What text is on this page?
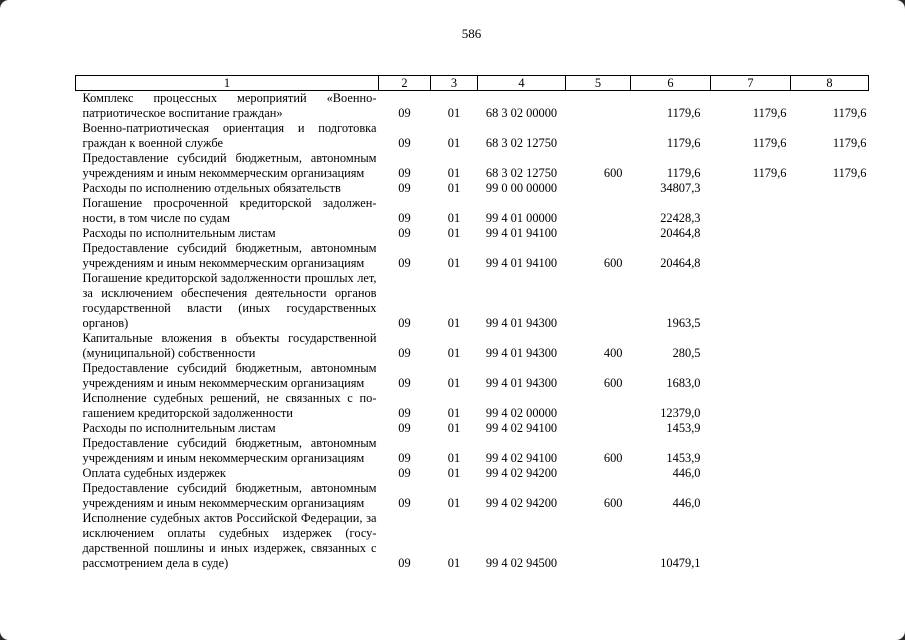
586
1	2	3	4	5	6	7	8
Комплекс процессных мероприятий «Военно-патриотическое воспитание граждан»	09	01	68 3 02 00000		1179,6	1179,6	1179,6
Военно-патриотическая ориентация и подготовка граждан к военной службе	09	01	68 3 02 12750		1179,6	1179,6	1179,6
Предоставление субсидий бюджетным, автономным учреждениям и иным некоммерческим организациям	09	01	68 3 02 12750	600	1179,6	1179,6	1179,6
Расходы по исполнению отдельных обязательств	09	01	99 0 00 00000		34807,3		
Погашение просроченной кредиторской задолженности, в том числе по судам	09	01	99 4 01 00000		22428,3		
Расходы по исполнительным листам	09	01	99 4 01 94100		20464,8		
Предоставление субсидий бюджетным, автономным учреждениям и иным некоммерческим организациям	09	01	99 4 01 94100	600	20464,8		
Погашение кредиторской задолженности прошлых лет, за исключением обеспечения деятельности органов государственной власти (иных государственных органов)	09	01	99 4 01 94300		1963,5		
Капитальные вложения в объекты государственной (муниципальной) собственности	09	01	99 4 01 94300	400	280,5		
Предоставление субсидий бюджетным, автономным учреждениям и иным некоммерческим организациям	09	01	99 4 01 94300	600	1683,0		
Исполнение судебных решений, не связанных с погашением кредиторской задолженности	09	01	99 4 02 00000		12379,0		
Расходы по исполнительным листам	09	01	99 4 02 94100		1453,9		
Предоставление субсидий бюджетным, автономным учреждениям и иным некоммерческим организациям	09	01	99 4 02 94100	600	1453,9		
Оплата судебных издержек	09	01	99 4 02 94200		446,0		
Предоставление субсидий бюджетным, автономным учреждениям и иным некоммерческим организациям	09	01	99 4 02 94200	600	446,0		
Исполнение судебных актов Российской Федерации, за исключением оплаты судебных издержек (государственной пошлины и иных издержек, связанных с рассмотрением дела в суде)	09	01	99 4 02 94500		10479,1		
